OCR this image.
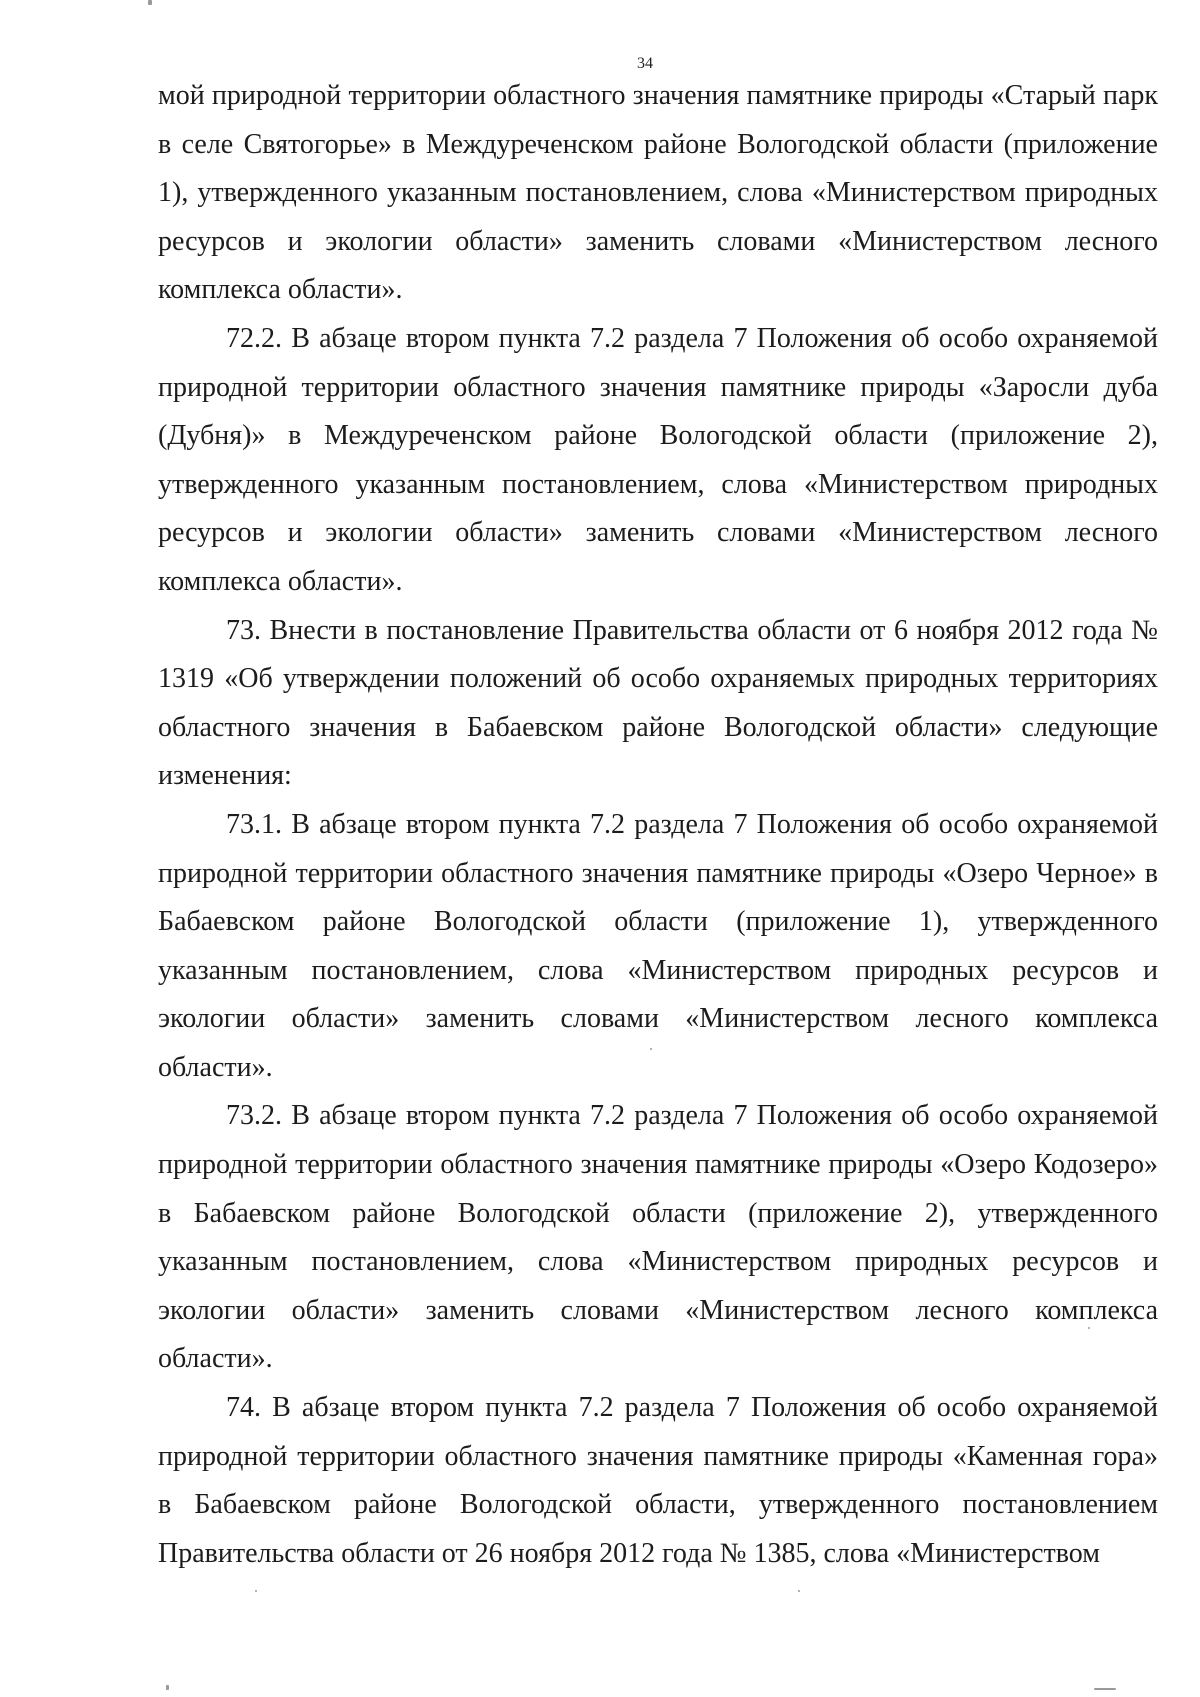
34

мой природной территории областного значения памятнике природы «Старый парк в селе Святогорье» в Междуреченском районе Вологодской области (приложение 1), утвержденного указанным постановлением, слова «Министерством природных ресурсов и экологии области» заменить словами «Министерством лесного комплекса области».

72.2. В абзаце втором пункта 7.2 раздела 7 Положения об особо охраняемой природной территории областного значения памятнике природы «Заросли дуба (Дубня)» в Междуреченском районе Вологодской области (приложение 2), утвержденного указанным постановлением, слова «Министерством природных ресурсов и экологии области» заменить словами «Министерством лесного комплекса области».

73. Внести в постановление Правительства области от 6 ноября 2012 года № 1319 «Об утверждении положений об особо охраняемых природных территориях областного значения в Бабаевском районе Вологодской области» следующие изменения:

73.1. В абзаце втором пункта 7.2 раздела 7 Положения об особо охраняемой природной территории областного значения памятнике природы «Озеро Черное» в Бабаевском районе Вологодской области (приложение 1), утвержденного указанным постановлением, слова «Министерством природных ресурсов и экологии области» заменить словами «Министерством лесного комплекса области».

73.2. В абзаце втором пункта 7.2 раздела 7 Положения об особо охраняемой природной территории областного значения памятнике природы «Озеро Кодозеро» в Бабаевском районе Вологодской области (приложение 2), утвержденного указанным постановлением, слова «Министерством природных ресурсов и экологии области» заменить словами «Министерством лесного комплекса области».

74. В абзаце втором пункта 7.2 раздела 7 Положения об особо охраняемой природной территории областного значения памятнике природы «Каменная гора» в Бабаевском районе Вологодской области, утвержденного постановлением Правительства области от 26 ноября 2012 года № 1385, слова «Министерством
